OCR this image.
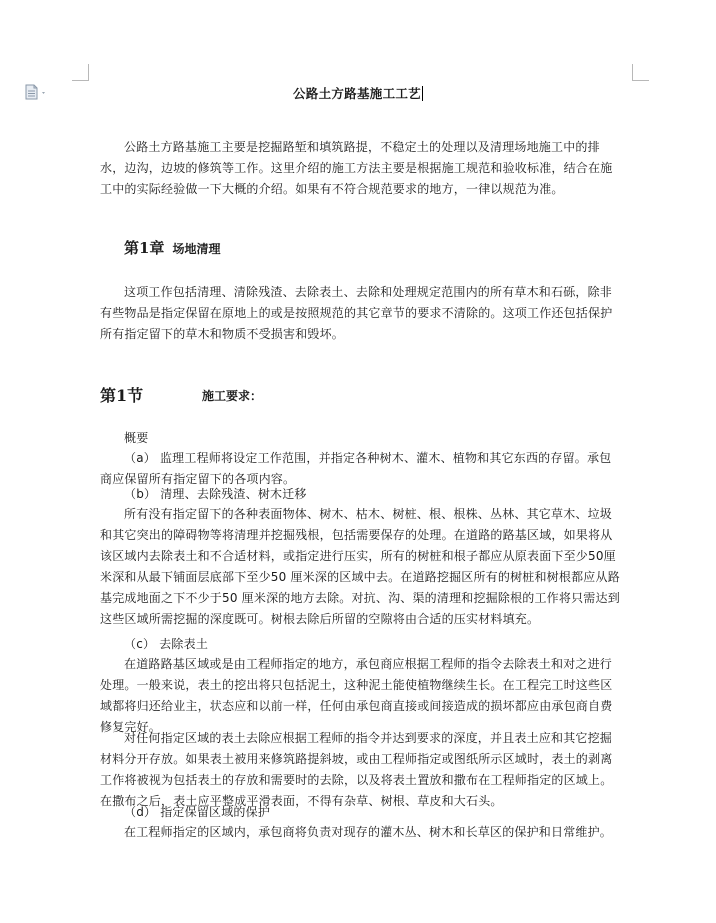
公路土方路基施工工艺
公路土方路基施工主要是挖掘路堑和填筑路提，不稳定土的处理以及清理场地施工中的排水，边沟，边坡的修筑等工作。这里介绍的施工方法主要是根据施工规范和验收标准，结合在施工中的实际经验做一下大概的介绍。如果有不符合规范要求的地方，一律以规范为准。
第1章 场地清理
这项工作包括清理、清除残渣、去除表土、去除和处理规定范围内的所有草木和石砾，除非有些物品是指定保留在原地上的或是按照规范的其它章节的要求不清除的。这项工作还包括保护所有指定留下的草木和物质不受损害和毁坏。
第1节	施工要求：
概要
（a） 监理工程师将设定工作范围，并指定各种树木、灌木、植物和其它东西的存留。承包商应保留所有指定留下的各项内容。
（b） 清理、去除残渣、树木迁移
所有没有指定留下的各种表面物体、树木、枯木、树桩、根、根株、丛林、其它草木、垃圾和其它突出的障碍物等将清理并挖掘残根，包括需要保存的处理。在道路的路基区域，如果将从该区域内去除表土和不合适材料，或指定进行压实，所有的树桩和根子都应从原表面下至少50厘米深和从最下铺面层底部下至少50 厘米深的区域中去。在道路挖掘区所有的树桩和树根都应从路基完成地面之下不少于50 厘米深的地方去除。对抗、沟、渠的清理和挖掘除根的工作将只需达到这些区域所需挖掘的深度既可。树根去除后所留的空隙将由合适的压实材料填充。
（c） 去除表土
在道路路基区域或是由工程师指定的地方，承包商应根据工程师的指令去除表土和对之进行处理。一般来说，表土的挖出将只包括泥土，这种泥土能使植物继续生长。在工程完工时这些区域都将归还给业主，状态应和以前一样，任何由承包商直接或间接造成的损坏都应由承包商自费修复完好。
对任何指定区域的表土去除应根据工程师的指令并达到要求的深度，并且表土应和其它挖掘材料分开存放。如果表土被用来修筑路提斜坡，或由工程师指定或图纸所示区域时，表土的剥离工作将被视为包括表土的存放和需要时的去除，以及将表土置放和撒布在工程师指定的区域上。在撒布之后，表土应平整成平滑表面，不得有杂草、树根、草皮和大石头。
（d） 指定保留区域的保护
在工程师指定的区域内，承包商将负责对现存的灌木丛、树木和长草区的保护和日常维护。
